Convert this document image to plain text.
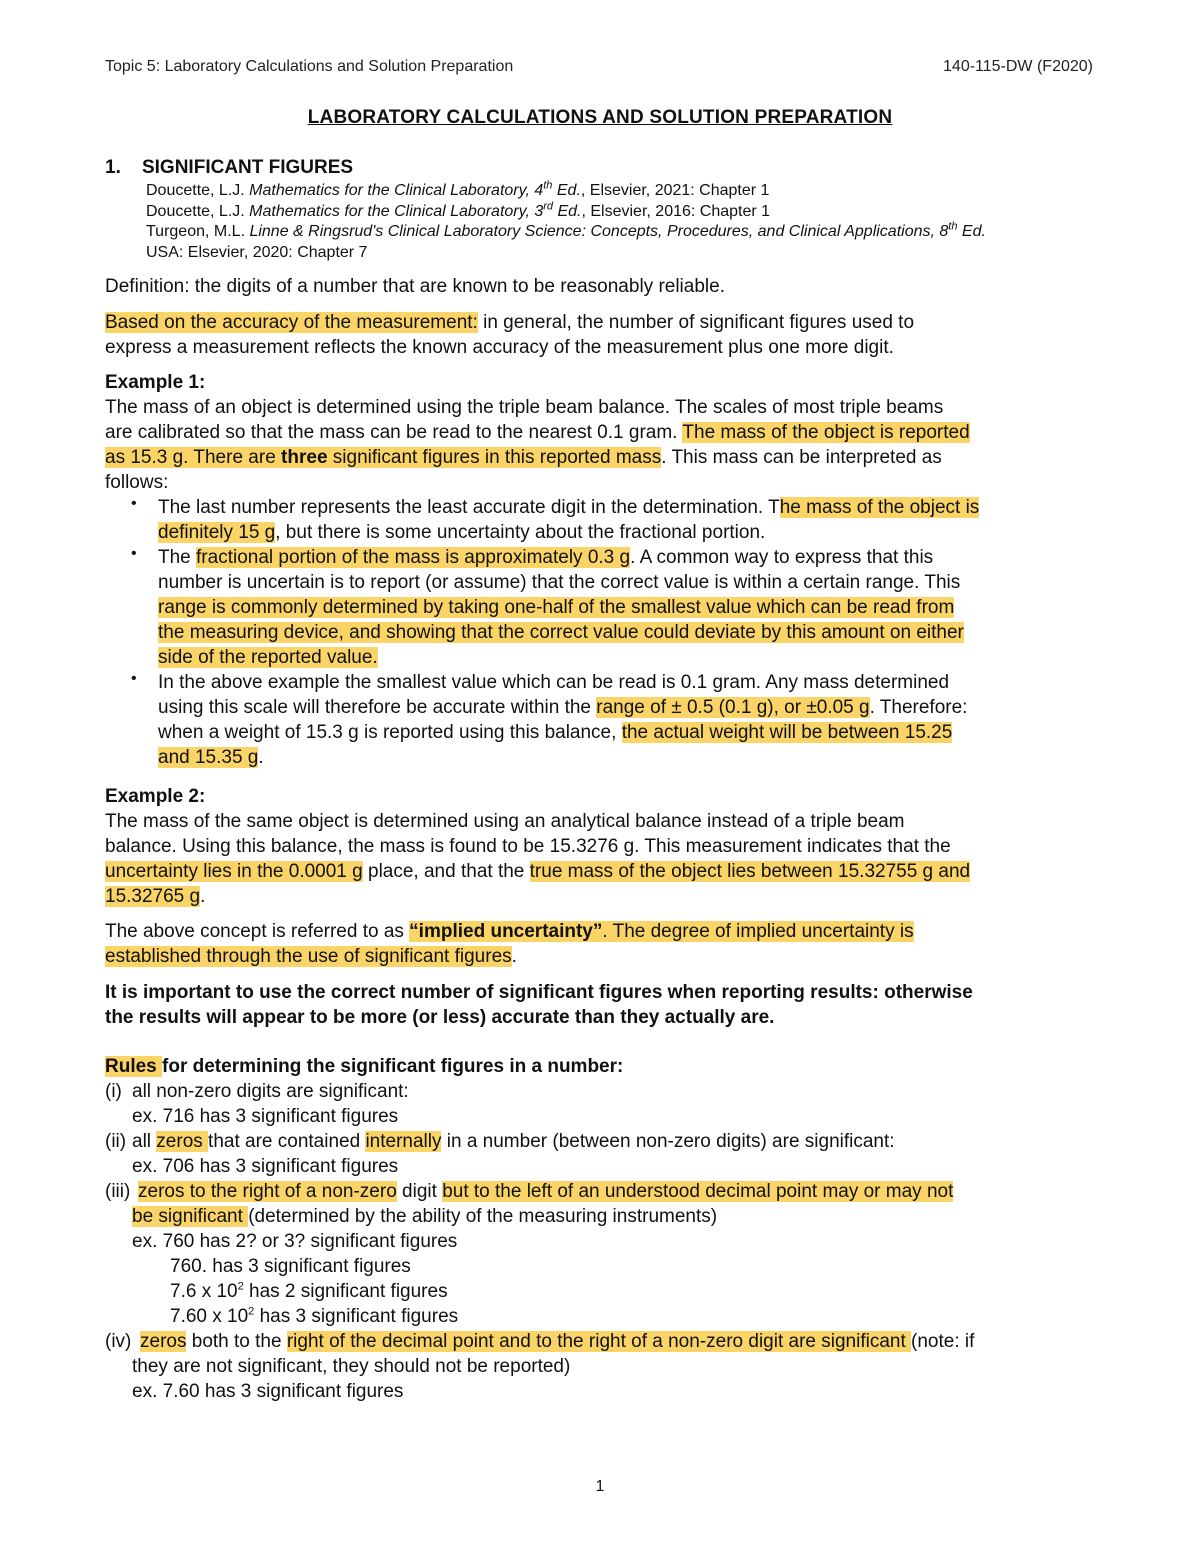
Topic 5: Laboratory Calculations and Solution Preparation	140-115-DW (F2020)
LABORATORY CALCULATIONS AND SOLUTION PREPARATION
1. SIGNIFICANT FIGURES

Doucette, L.J. Mathematics for the Clinical Laboratory, 4th Ed., Elsevier, 2021: Chapter 1

Doucette, L.J. Mathematics for the Clinical Laboratory, 3rd Ed., Elsevier, 2016: Chapter 1

Turgeon, M.L. Linne & Ringsrud's Clinical Laboratory Science: Concepts, Procedures, and Clinical Applications, 8th Ed.

USA: Elsevier, 2020: Chapter 7

Definition: the digits of a number that are known to be reasonably reliable.

Based on the accuracy of the measurement: in general, the number of significant figures used to

express a measurement reflects the known accuracy of the measurement plus one more digit.

Example 1:

The mass of an object is determined using the triple beam balance. The scales of most triple beams

are calibrated so that the mass can be read to the nearest 0.1 gram. The mass of the object is reported

as 15.3 g. There are three significant figures in this reported mass. This mass can be interpreted as

follows:

• The last number represents the least accurate digit in the determination. The mass of the object is

definitely 15 g, but there is some uncertainty about the fractional portion.

• The fractional portion of the mass is approximately 0.3 g. A common way to express that this

number is uncertain is to report (or assume) that the correct value is within a certain range. This

range is commonly determined by taking one-half of the smallest value which can be read from

the measuring device, and showing that the correct value could deviate by this amount on either

side of the reported value.

• In the above example the smallest value which can be read is 0.1 gram. Any mass determined

using this scale will therefore be accurate within the range of ± 0.5 (0.1 g), or ±0.05 g. Therefore:

when a weight of 15.3 g is reported using this balance, the actual weight will be between 15.25

and 15.35 g.

Example 2:

The mass of the same object is determined using an analytical balance instead of a triple beam

balance. Using this balance, the mass is found to be 15.3276 g. This measurement indicates that the

uncertainty lies in the 0.0001 g place, and that the true mass of the object lies between 15.32755 g and

15.32765 g.

The above concept is referred to as “implied uncertainty”. The degree of implied uncertainty is

established through the use of significant figures.

It is important to use the correct number of significant figures when reporting results: otherwise

the results will appear to be more (or less) accurate than they actually are.

Rules for determining the significant figures in a number:

(i) all non-zero digits are significant:

ex. 716 has 3 significant figures

(ii) all zeros that are contained internally in a number (between non-zero digits) are significant:

ex. 706 has 3 significant figures

(iii) zeros to the right of a non-zero digit but to the left of an understood decimal point may or may not

be significant (determined by the ability of the measuring instruments)

ex. 760 has 2? or 3? significant figures

760. has 3 significant figures

7.6 x $10^2$ has 2 significant figures

7.60 x $10^2$ has 3 significant figures

(iv) zeros both to the right of the decimal point and to the right of a non-zero digit are significant (note: if

they are not significant, they should not be reported)

ex. 7.60 has 3 significant figures

1
